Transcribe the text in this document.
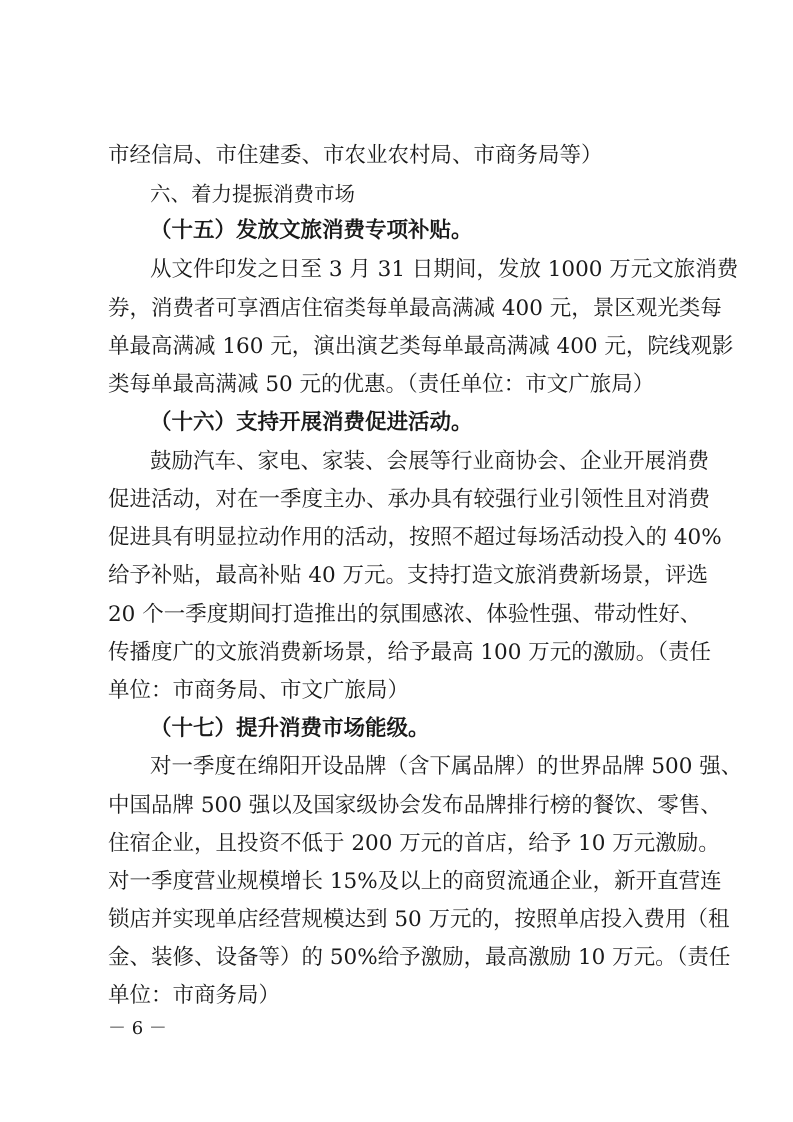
市经信局、市住建委、市农业农村局、市商务局等）
六、着力提振消费市场
（十五）发放文旅消费专项补贴。
从文件印发之日至 3 月 31 日期间，发放 1000 万元文旅消费
券，消费者可享酒店住宿类每单最高满减 400 元，景区观光类每
单最高满减 160 元，演出演艺类每单最高满减 400 元，院线观影
类每单最高满减 50 元的优惠。（责任单位：市文广旅局）
（十六）支持开展消费促进活动。
鼓励汽车、家电、家装、会展等行业商协会、企业开展消费
促进活动，对在一季度主办、承办具有较强行业引领性且对消费
促进具有明显拉动作用的活动，按照不超过每场活动投入的 40%
给予补贴，最高补贴 40 万元。支持打造文旅消费新场景，评选
20 个一季度期间打造推出的氛围感浓、体验性强、带动性好、
传播度广的文旅消费新场景，给予最高 100 万元的激励。（责任
单位：市商务局、市文广旅局）
（十七）提升消费市场能级。
对一季度在绵阳开设品牌（含下属品牌）的世界品牌 500 强、
中国品牌 500 强以及国家级协会发布品牌排行榜的餐饮、零售、
住宿企业，且投资不低于 200 万元的首店，给予 10 万元激励。
对一季度营业规模增长 15%及以上的商贸流通企业，新开直营连
锁店并实现单店经营规模达到 50 万元的，按照单店投入费用（租
金、装修、设备等）的 50%给予激励，最高激励 10 万元。（责任
单位：市商务局）
－ 6 －
